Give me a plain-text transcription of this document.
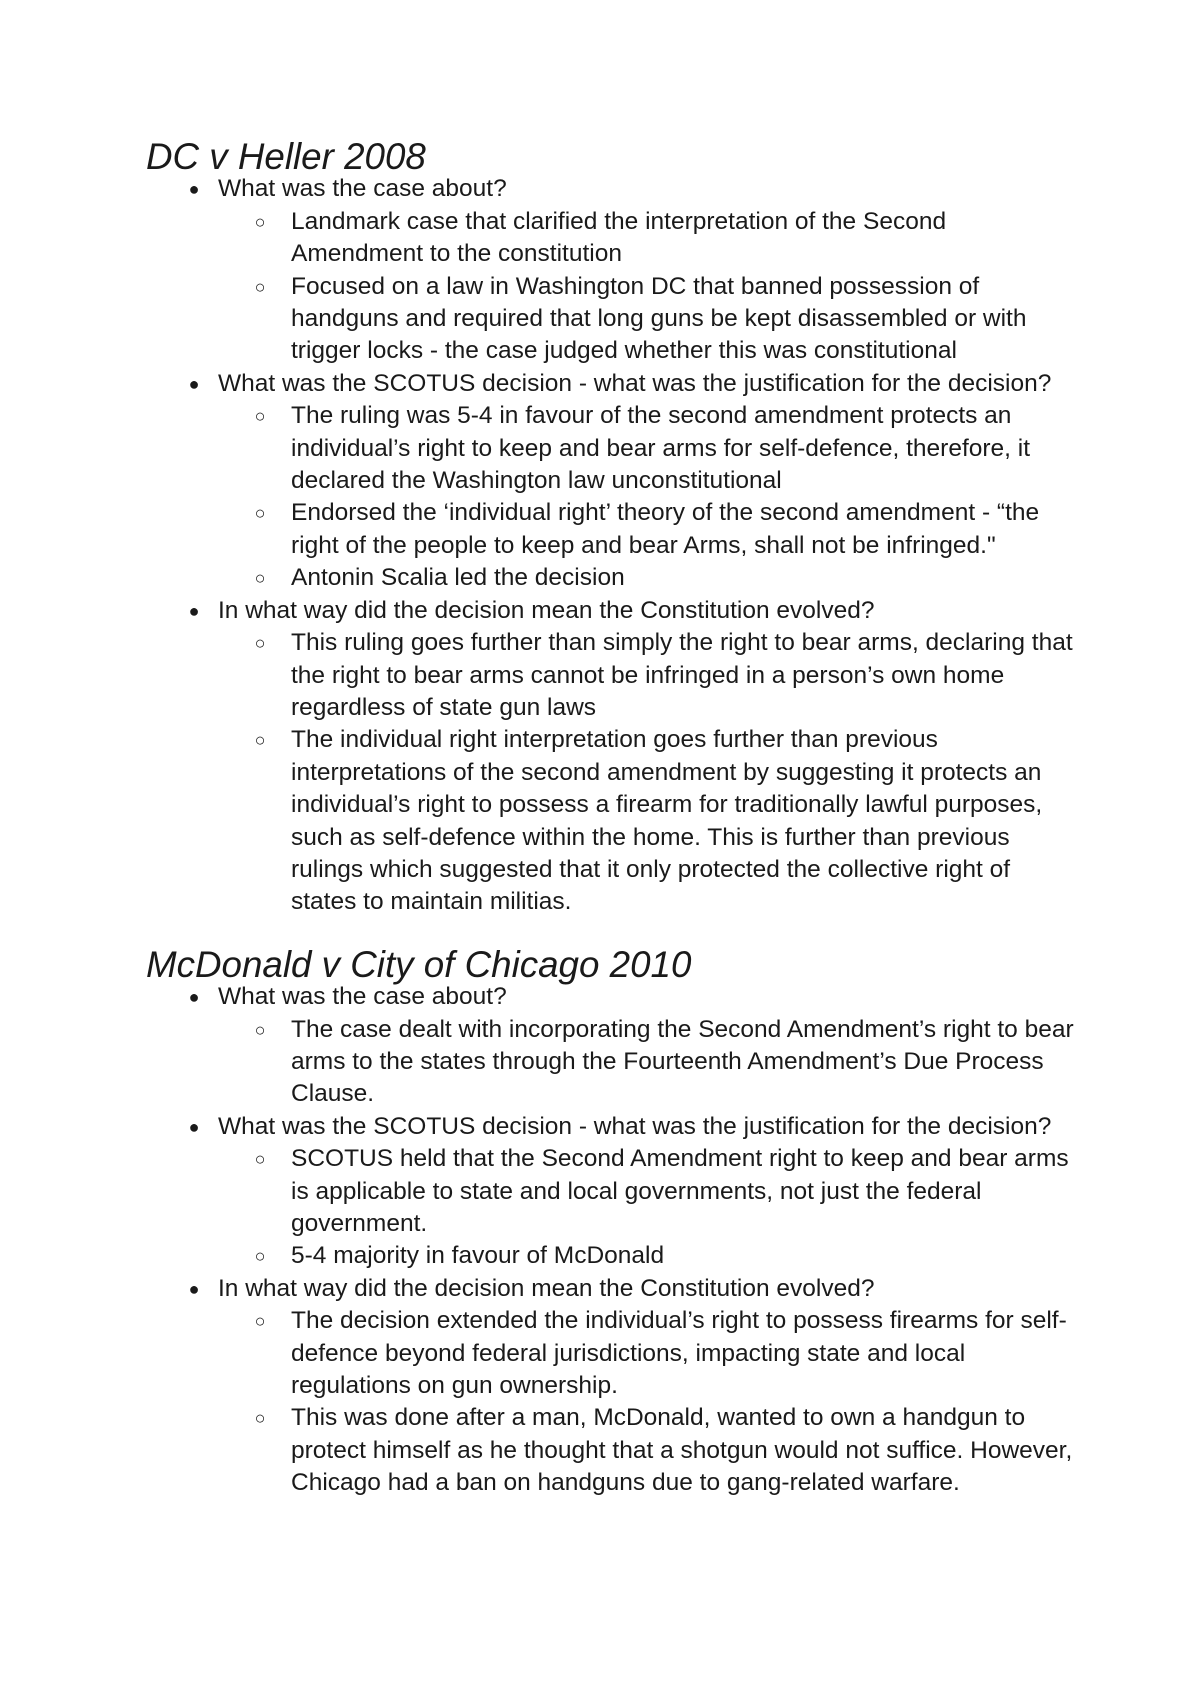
DC v Heller 2008
● What was the case about?
○ Landmark case that clarified the interpretation of the Second Amendment to the constitution
○ Focused on a law in Washington DC that banned possession of handguns and required that long guns be kept disassembled or with trigger locks - the case judged whether this was constitutional
● What was the SCOTUS decision - what was the justification for the decision?
○ The ruling was 5-4 in favour of the second amendment protects an individual’s right to keep and bear arms for self-defence, therefore, it declared the Washington law unconstitutional
○ Endorsed the ‘individual right’ theory of the second amendment - “the right of the people to keep and bear Arms, shall not be infringed."
○ Antonin Scalia led the decision
● In what way did the decision mean the Constitution evolved?
○ This ruling goes further than simply the right to bear arms, declaring that the right to bear arms cannot be infringed in a person’s own home regardless of state gun laws
○ The individual right interpretation goes further than previous interpretations of the second amendment by suggesting it protects an individual’s right to possess a firearm for traditionally lawful purposes, such as self-defence within the home. This is further than previous rulings which suggested that it only protected the collective right of states to maintain militias.
McDonald v City of Chicago 2010
● What was the case about?
○ The case dealt with incorporating the Second Amendment’s right to bear arms to the states through the Fourteenth Amendment’s Due Process Clause.
● What was the SCOTUS decision - what was the justification for the decision?
○ SCOTUS held that the Second Amendment right to keep and bear arms is applicable to state and local governments, not just the federal government.
○ 5-4 majority in favour of McDonald
● In what way did the decision mean the Constitution evolved?
○ The decision extended the individual’s right to possess firearms for self-defence beyond federal jurisdictions, impacting state and local regulations on gun ownership.
○ This was done after a man, McDonald, wanted to own a handgun to protect himself as he thought that a shotgun would not suffice. However, Chicago had a ban on handguns due to gang-related warfare.
